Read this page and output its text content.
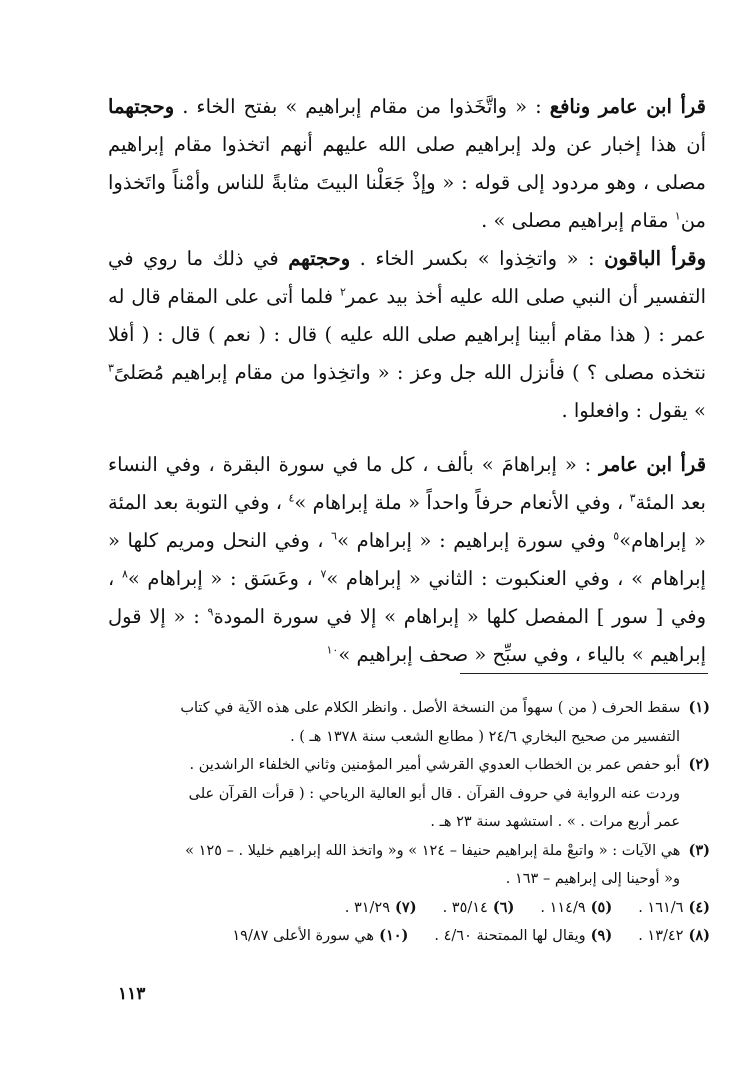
قرأ ابن عامر ونافع : « واتَّخَذوا من مقام إبراهيم » بفتح الخاء . وحجتهما أن هذا إخبار عن ولد إبراهيم صلى الله عليهم أنهم اتخذوا مقام إبراهيم مصلى ، وهو مردود إلى قوله : « وإذْ جَعَلْنا البيتَ مثابةً للناس وأمْناً واتَخذوا من$^١$ مقام إبراهيم مصلى » .

وقرأ الباقون : « واتخِذوا » بكسر الخاء . وحجتهم في ذلك ما روي في التفسير أن النبي صلى الله عليه أخذ بيد عمر$^٢$ فلما أتى على المقام قال له عمر : ( هذا مقام أبينا إبراهيم صلى الله عليه ) قال : ( نعم ) قال : ( أفلا نتخذه مصلى ؟ ) فأنزل الله جل وعز : « واتخِذوا من مقام إبراهيم مُصَلىً$^٣$ » يقول : وافعلوا .

قرأ ابن عامر : « إبراهامَ » بألف ، كل ما في سورة البقرة ، وفي النساء بعد المئة$^٣$ ، وفي الأنعام حرفاً واحداً « ملة إبراهام »$^٤$ ، وفي التوبة بعد المئة « إبراهام»$^٥$ وفي سورة إبراهيم : « إبراهام »$^٦$ ، وفي النحل ومريم كلها « إبراهام » ، وفي العنكبوت : الثاني « إبراهام »$^٧$ ، وعَسَق : « إبراهام »$^٨$ ، وفي [ سور ] المفصل كلها « إبراهام » إلا في سورة المودة$^٩$ : « إلا قول إبراهيم » بالياء ، وفي سبِّح « صحف إبراهيم »$^{١٠}$

(١)سقط الحرف ( من ) سهواً من النسخة الأصل . وانظر الكلام على هذه الآية في كتاب
التفسير من صحيح البخاري ٢٤/٦ ( مطابع الشعب سنة ١٣٧٨ هـ ) .

(٢)أبو حفص عمر بن الخطاب العدوي القرشي أمير المؤمنين وثاني الخلفاء الراشدين .
وردت عنه الرواية في حروف القرآن . قال أبو العالية الرياحي : ( قرأت القرآن على
عمر أربع مرات . » . استشهد سنة ٢٣ هـ .

(٣)هي الآيات : « واتبعْ ملة إبراهيم حنيفا – ١٢٤ » و« واتخذ الله إبراهيم خليلا . – ١٢٥ »
و« أوحينا إلى إبراهيم – ١٦٣ .

(٤)١٦١/٦ .
(٥)١١٤/٩ .
(٦)٣٥/١٤ .
(٧)٣١/٢٩ .

(٨)١٣/٤٢ .
(٩)ويقال لها الممتحنة ٤/٦٠ .
(١٠)هي سورة الأعلى ١٩/٨٧

١١٣
